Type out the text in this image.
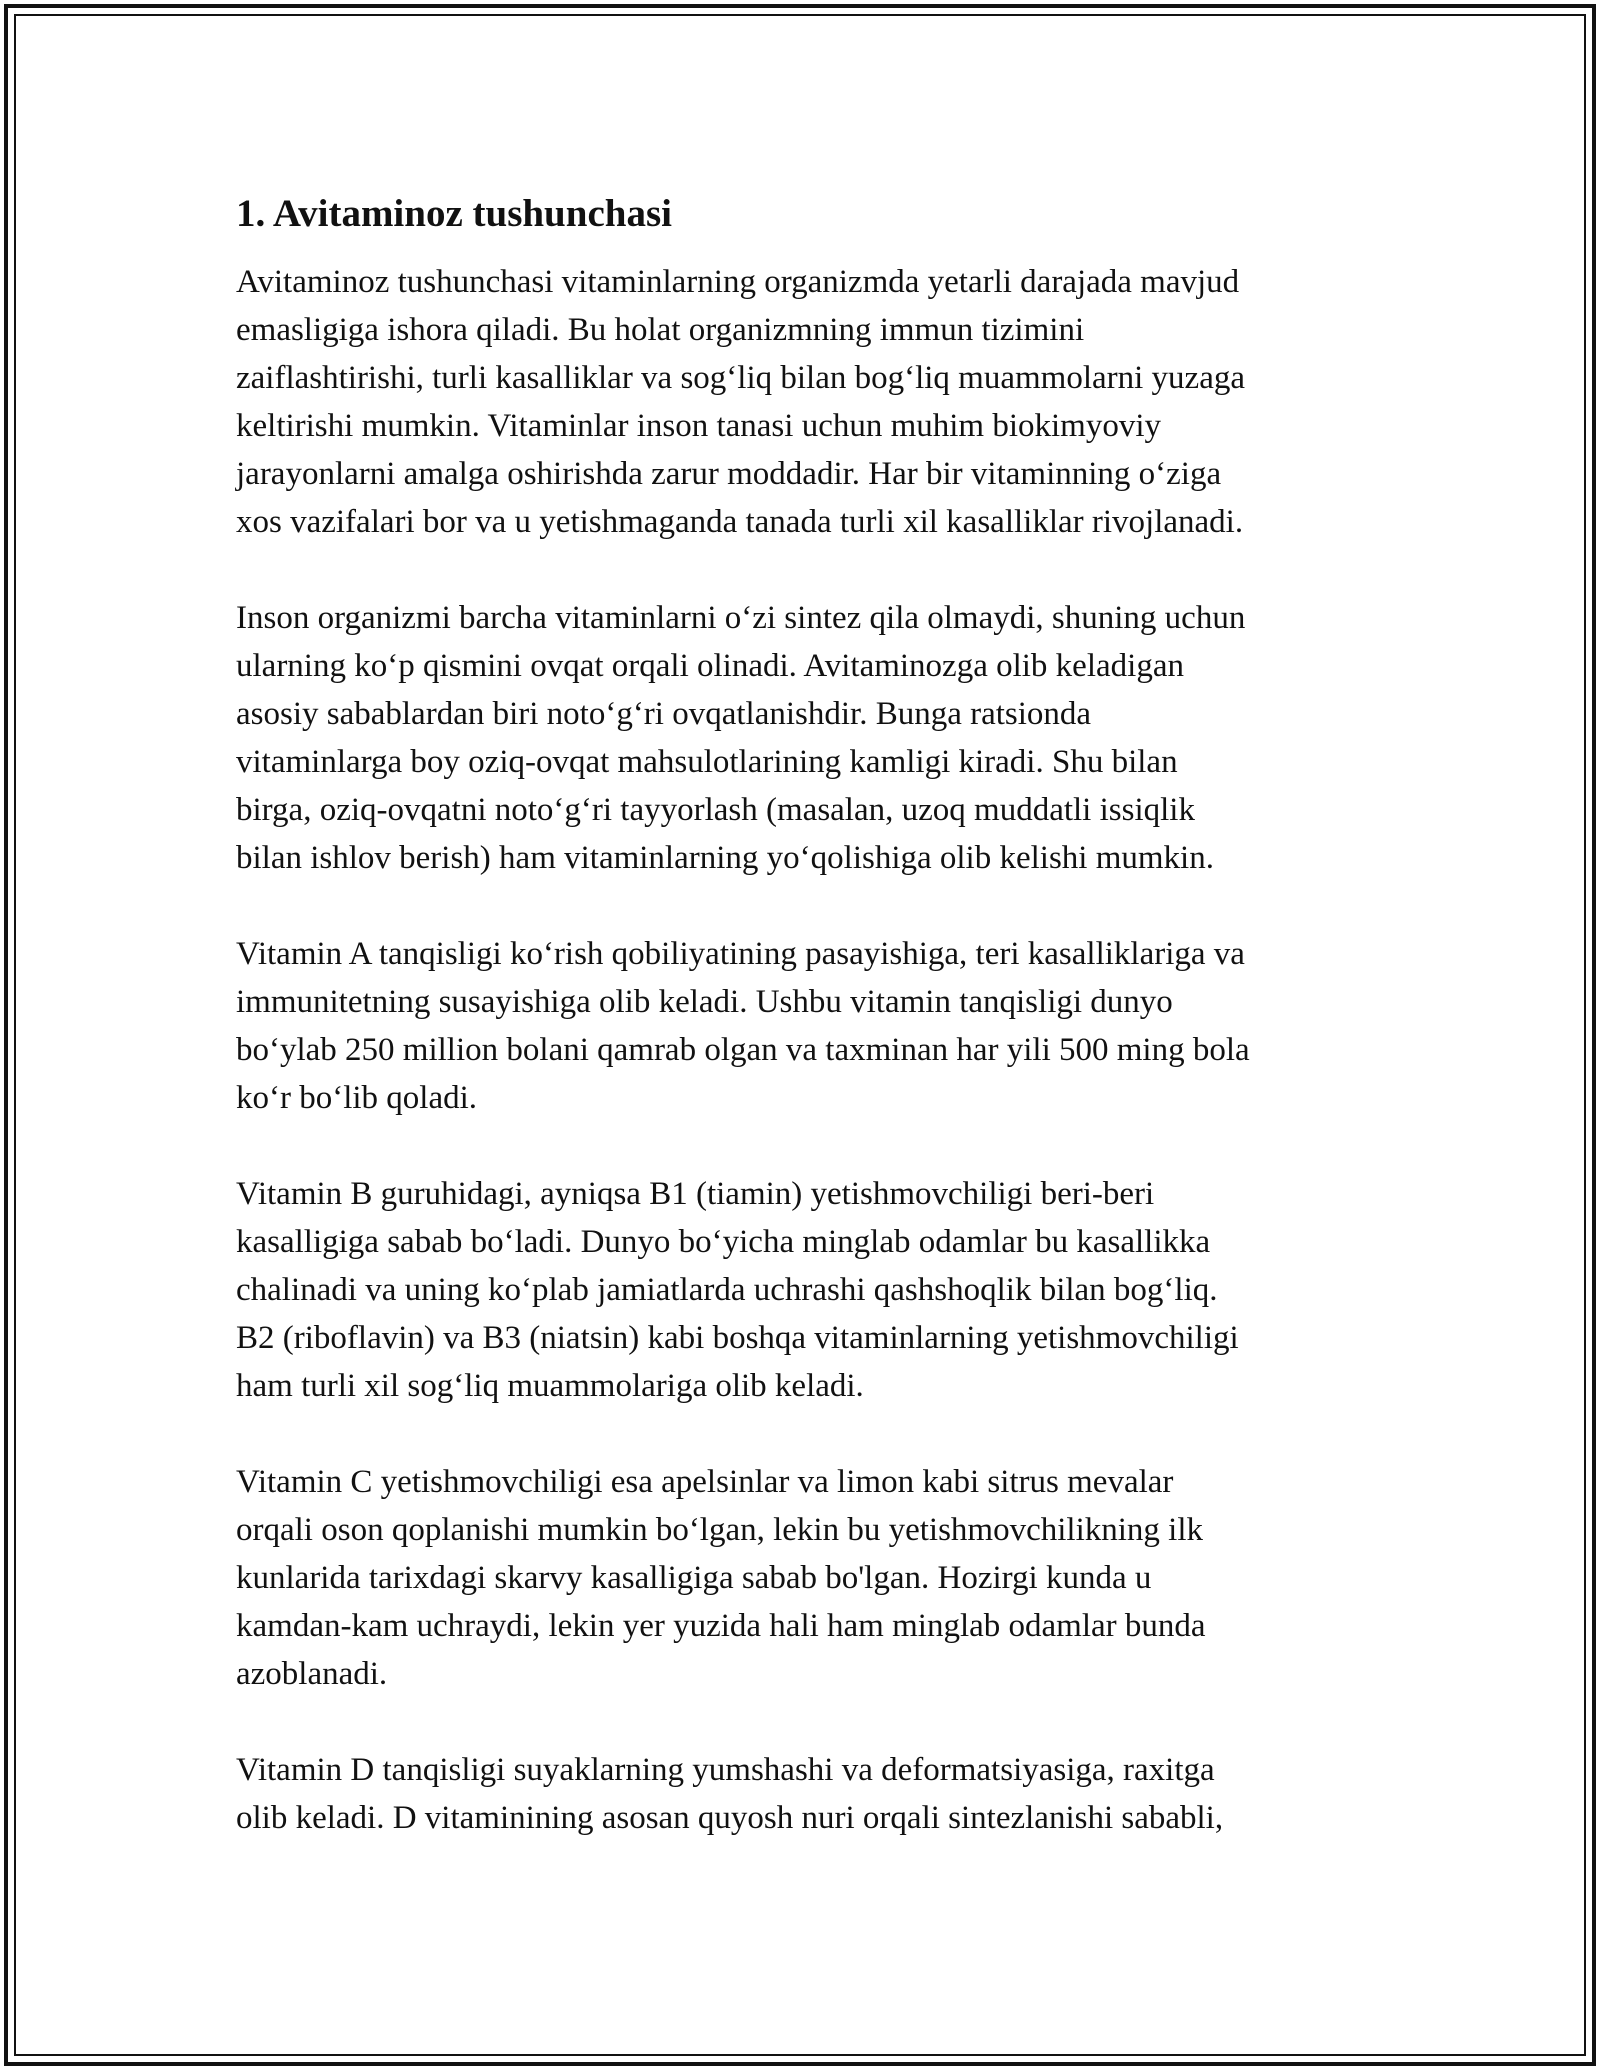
1. Avitaminoz tushunchasi

Avitaminoz tushunchasi vitaminlarning organizmda yetarli darajada mavjud
emasligiga ishora qiladi. Bu holat organizmning immun tizimini
zaiflashtirishi, turli kasalliklar va sog‘liq bilan bog‘liq muammolarni yuzaga
keltirishi mumkin. Vitaminlar inson tanasi uchun muhim biokimyoviy
jarayonlarni amalga oshirishda zarur moddadir. Har bir vitaminning o‘ziga
xos vazifalari bor va u yetishmaganda tanada turli xil kasalliklar rivojlanadi.

Inson organizmi barcha vitaminlarni o‘zi sintez qila olmaydi, shuning uchun
ularning ko‘p qismini ovqat orqali olinadi. Avitaminozga olib keladigan
asosiy sabablardan biri noto‘g‘ri ovqatlanishdir. Bunga ratsionda
vitaminlarga boy oziq-ovqat mahsulotlarining kamligi kiradi. Shu bilan
birga, oziq-ovqatni noto‘g‘ri tayyorlash (masalan, uzoq muddatli issiqlik
bilan ishlov berish) ham vitaminlarning yo‘qolishiga olib kelishi mumkin.

Vitamin A tanqisligi ko‘rish qobiliyatining pasayishiga, teri kasalliklariga va
immunitetning susayishiga olib keladi. Ushbu vitamin tanqisligi dunyo
bo‘ylab 250 million bolani qamrab olgan va taxminan har yili 500 ming bola
ko‘r bo‘lib qoladi.

Vitamin B guruhidagi, ayniqsa B1 (tiamin) yetishmovchiligi beri-beri
kasalligiga sabab bo‘ladi. Dunyo bo‘yicha minglab odamlar bu kasallikka
chalinadi va uning ko‘plab jamiatlarda uchrashi qashshoqlik bilan bog‘liq.
B2 (riboflavin) va B3 (niatsin) kabi boshqa vitaminlarning yetishmovchiligi
ham turli xil sog‘liq muammolariga olib keladi.

Vitamin C yetishmovchiligi esa apelsinlar va limon kabi sitrus mevalar
orqali oson qoplanishi mumkin bo‘lgan, lekin bu yetishmovchilikning ilk
kunlarida tarixdagi skarvy kasalligiga sabab bo'lgan. Hozirgi kunda u
kamdan-kam uchraydi, lekin yer yuzida hali ham minglab odamlar bunda
azoblanadi.

Vitamin D tanqisligi suyaklarning yumshashi va deformatsiyasiga, raxitga
olib keladi. D vitaminining asosan quyosh nuri orqali sintezlanishi sababli,
